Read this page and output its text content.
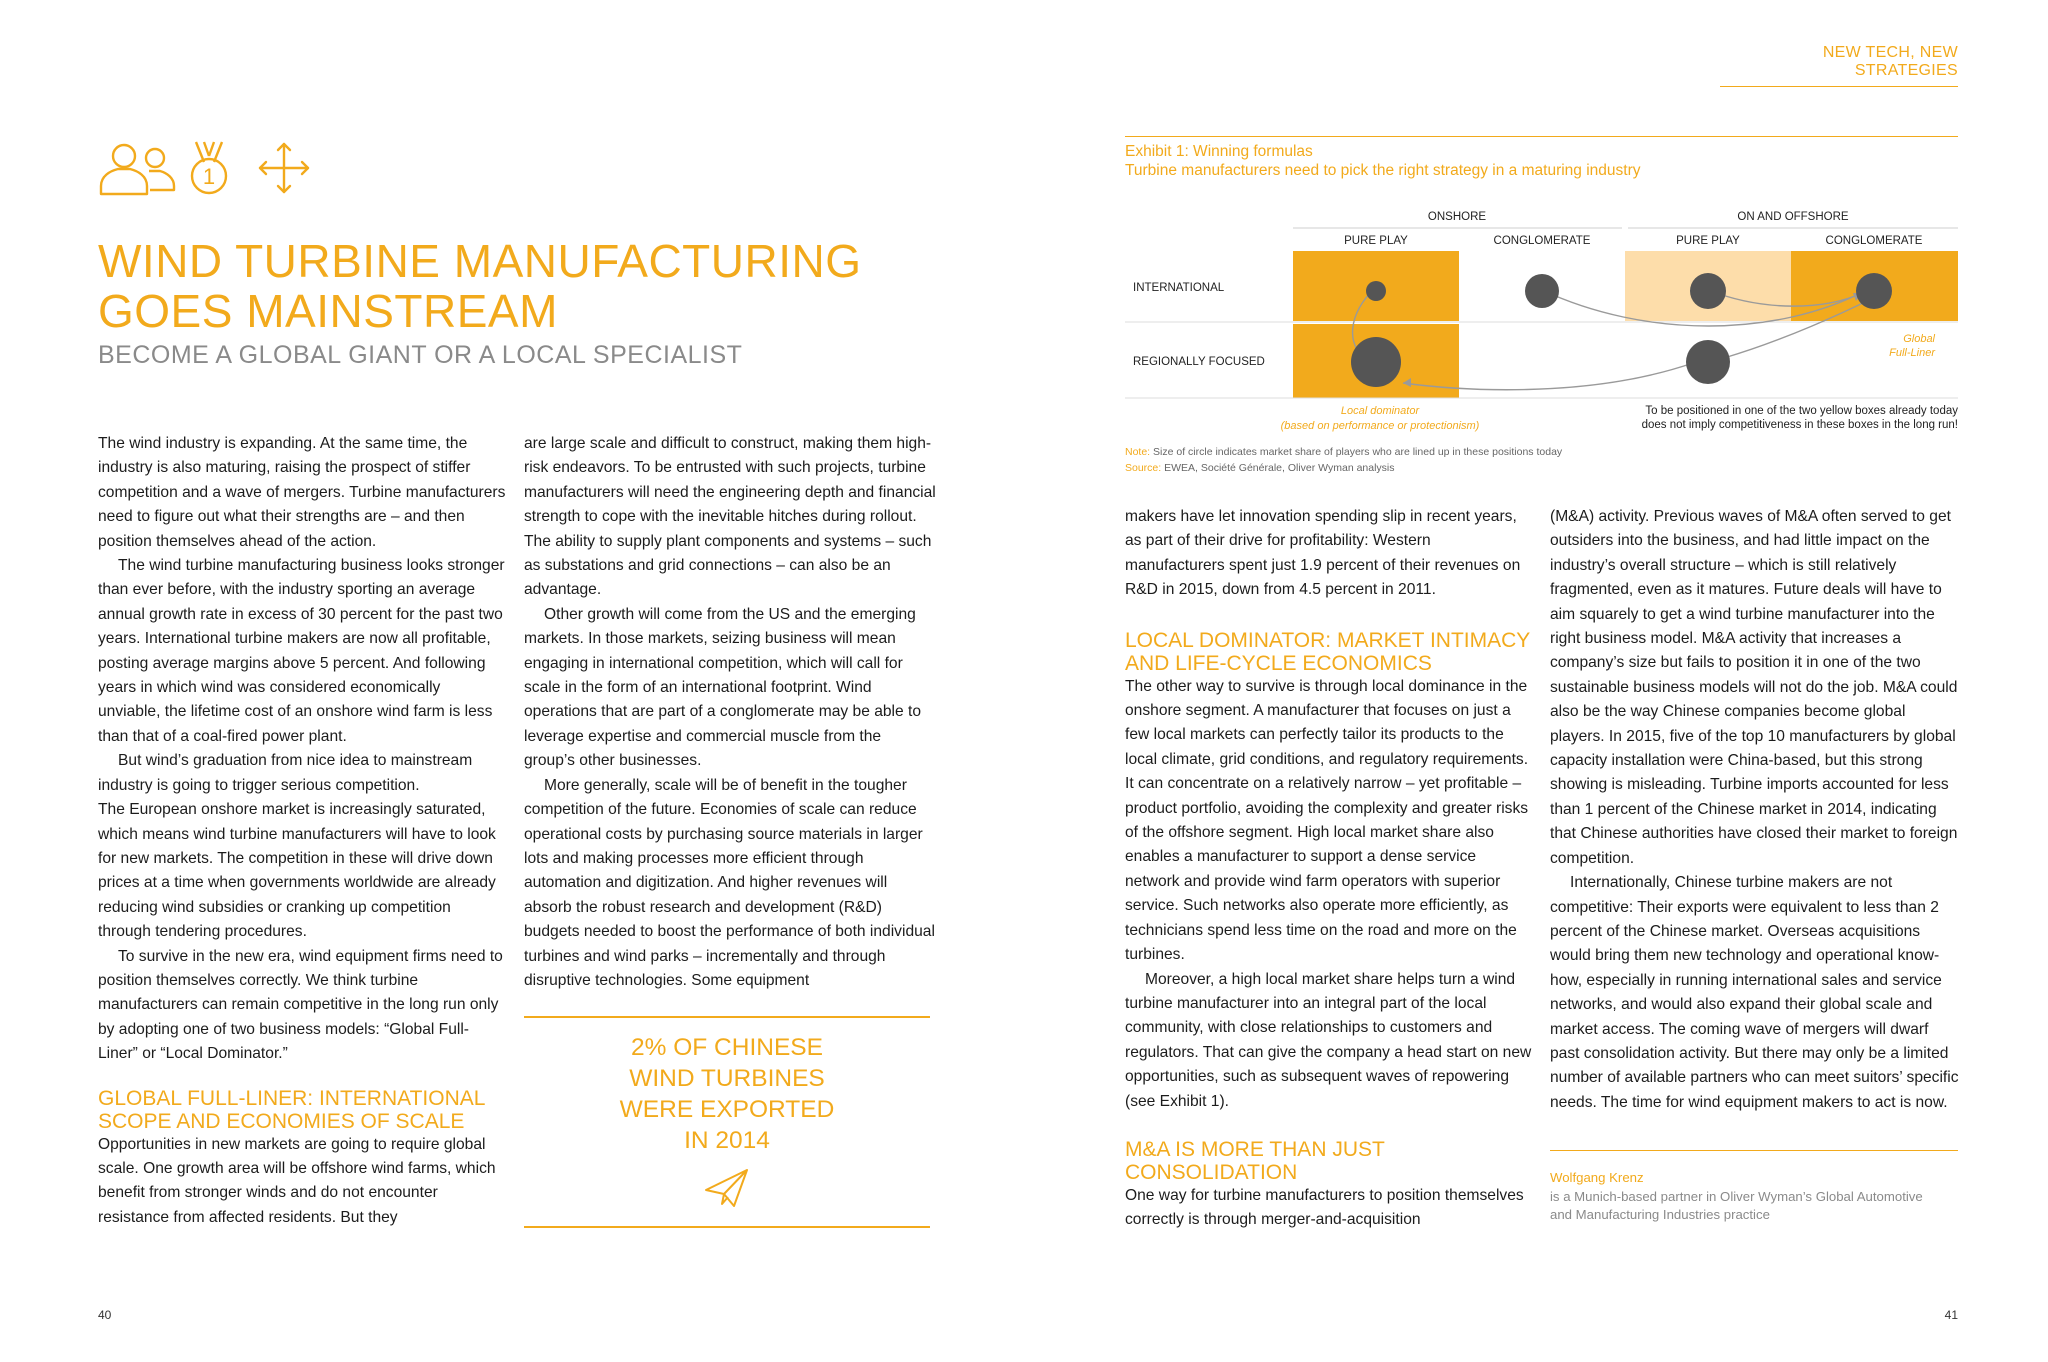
NEW TECH, NEW STRATEGIES
1
WIND TURBINE MANUFACTURING
GOES MAINSTREAM
BECOME A GLOBAL GIANT OR A LOCAL SPECIALIST

The wind industry is expanding. At the same time, the industry is also maturing, raising the prospect of stiffer competition and a wave of mergers. Turbine manufacturers need to figure out what their strengths are – and then position themselves ahead of the action.

The wind turbine manufacturing business looks stronger than ever before, with the industry sporting an average annual growth rate in excess of 30 percent for the past two years. International turbine makers are now all profitable, posting average margins above 5 percent. And following years in which wind was considered economically unviable, the lifetime cost of an onshore wind farm is less than that of a coal-fired power plant.

But wind’s graduation from nice idea to mainstream industry is going to trigger serious competition.

The European onshore market is increasingly saturated, which means wind turbine manufacturers will have to look for new markets. The competition in these will drive down prices at a time when governments worldwide are already reducing wind subsidies or cranking up competition through tendering procedures.

To survive in the new era, wind equipment firms need to position themselves correctly. We think turbine manufacturers can remain competitive in the long run only by adopting one of two business models: “Global Full-Liner” or “Local Dominator.”

GLOBAL FULL-LINER: INTERNATIONAL SCOPE AND ECONOMIES OF SCALE

Opportunities in new markets are going to require global scale. One growth area will be offshore wind farms, which benefit from stronger winds and do not encounter resistance from affected residents. But they

are large scale and difficult to construct, making them high-risk endeavors. To be entrusted with such projects, turbine manufacturers will need the engineering depth and financial strength to cope with the inevitable hitches during rollout. The ability to supply plant components and systems – such as substations and grid connections – can also be an advantage.

Other growth will come from the US and the emerging markets. In those markets, seizing business will mean engaging in international competition, which will call for scale in the form of an international footprint. Wind operations that are part of a conglomerate may be able to leverage expertise and commercial muscle from the group’s other businesses.

More generally, scale will be of benefit in the tougher competition of the future. Economies of scale can reduce operational costs by purchasing source materials in larger lots and making processes more efficient through automation and digitization. And higher revenues will absorb the robust research and development (R&D) budgets needed to boost the performance of both individual turbines and wind parks – incrementally and through disruptive technologies. Some equipment

2% OF CHINESE
WIND TURBINES
WERE EXPORTED
IN 2014
Exhibit 1: Winning formulas
Turbine manufacturers need to pick the right strategy in a maturing industry
ONSHORE	ON AND OFFSHORE
PURE PLAY	CONGLOMERATE	PURE PLAY	CONGLOMERATE
INTERNATIONAL
REGIONALLY FOCUSED
Global
Full-Liner
Local dominator
(based on performance or protectionism)
To be positioned in one of the two yellow boxes already today
does not imply competitiveness in these boxes in the long run!
Note: Size of circle indicates market share of players who are lined up in these positions today
Source: EWEA, Société Générale, Oliver Wyman analysis

makers have let innovation spending slip in recent years, as part of their drive for profitability: Western manufacturers spent just 1.9 percent of their revenues on R&D in 2015, down from 4.5 percent in 2011.

LOCAL DOMINATOR: MARKET INTIMACY AND LIFE-CYCLE ECONOMICS

The other way to survive is through local dominance in the onshore segment. A manufacturer that focuses on just a few local markets can perfectly tailor its products to the local climate, grid conditions, and regulatory requirements. It can concentrate on a relatively narrow – yet profitable – product portfolio, avoiding the complexity and greater risks of the offshore segment. High local market share also enables a manufacturer to support a dense service network and provide wind farm operators with superior service. Such networks also operate more efficiently, as technicians spend less time on the road and more on the turbines.

Moreover, a high local market share helps turn a wind turbine manufacturer into an integral part of the local community, with close relationships to customers and regulators. That can give the company a head start on new opportunities, such as subsequent waves of repowering (see Exhibit 1).

M&A IS MORE THAN JUST CONSOLIDATION

One way for turbine manufacturers to position themselves correctly is through merger-and-acquisition

(M&A) activity. Previous waves of M&A often served to get outsiders into the business, and had little impact on the industry’s overall structure – which is still relatively fragmented, even as it matures. Future deals will have to aim squarely to get a wind turbine manufacturer into the right business model. M&A activity that increases a company’s size but fails to position it in one of the two sustainable business models will not do the job. M&A could also be the way Chinese companies become global players. In 2015, five of the top 10 manufacturers by global capacity installation were China-based, but this strong showing is misleading. Turbine imports accounted for less than 1 percent of the Chinese market in 2014, indicating that Chinese authorities have closed their market to foreign competition.

Internationally, Chinese turbine makers are not competitive: Their exports were equivalent to less than 2 percent of the Chinese market. Overseas acquisitions would bring them new technology and operational know-how, especially in running international sales and service networks, and would also expand their global scale and market access. The coming wave of mergers will dwarf past consolidation activity. But there may only be a limited number of available partners who can meet suitors’ specific needs. The time for wind equipment makers to act is now.

Wolfgang Krenz
is a Munich-based partner in Oliver Wyman’s Global Automotive
and Manufacturing Industries practice
40	41
